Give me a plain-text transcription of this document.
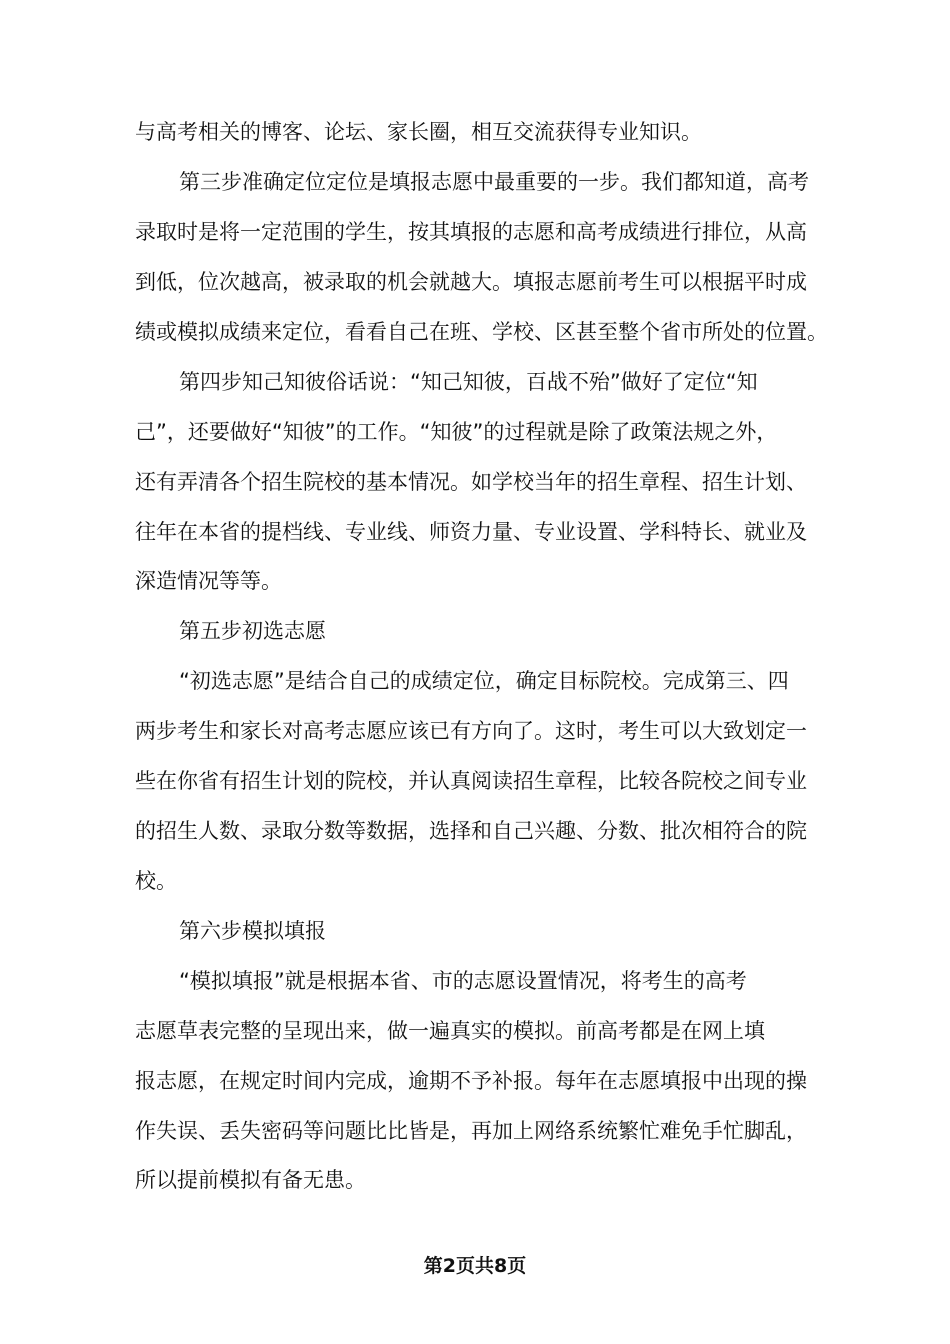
与高考相关的博客、论坛、家长圈，相互交流获得专业知识。
第三步准确定位定位是填报志愿中最重要的一步。我们都知道，高考
录取时是将一定范围的学生，按其填报的志愿和高考成绩进行排位，从高
到低，位次越高，被录取的机会就越大。填报志愿前考生可以根据平时成
绩或模拟成绩来定位，看看自己在班、学校、区甚至整个省市所处的位置。
第四步知己知彼俗话说：“知己知彼，百战不殆”做好了定位“知
己”，还要做好“知彼”的工作。“知彼”的过程就是除了政策法规之外，
还有弄清各个招生院校的基本情况。如学校当年的招生章程、招生计划、
往年在本省的提档线、专业线、师资力量、专业设置、学科特长、就业及
深造情况等等。
第五步初选志愿
“初选志愿”是结合自己的成绩定位，确定目标院校。完成第三、四
两步考生和家长对高考志愿应该已有方向了。这时，考生可以大致划定一
些在你省有招生计划的院校，并认真阅读招生章程，比较各院校之间专业
的招生人数、录取分数等数据，选择和自己兴趣、分数、批次相符合的院
校。
第六步模拟填报
“模拟填报”就是根据本省、市的志愿设置情况，将考生的高考
志愿草表完整的呈现出来，做一遍真实的模拟。前高考都是在网上填
报志愿，在规定时间内完成，逾期不予补报。每年在志愿填报中出现的操
作失误、丢失密码等问题比比皆是，再加上网络系统繁忙难免手忙脚乱，
所以提前模拟有备无患。
第2页共8页
